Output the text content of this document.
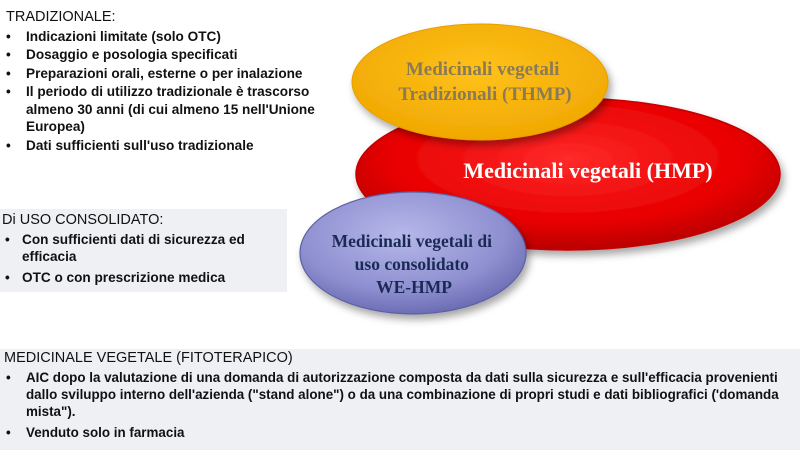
Medicinali vegetali Tradizionali (THMP)
Medicinali vegetali (HMP)
Medicinali vegetali di uso consolidato WE-HMP
TRADIZIONALE:
•	Indicazioni limitate (solo OTC)
•	Dosaggio e posologia specificati
•	Preparazioni orali, esterne o per inalazione
•	Il periodo di utilizzo tradizionale è trascorso almeno 30 anni (di cui almeno 15 nell'Unione Europea)
•	Dati sufficienti sull'uso tradizionale
Di USO CONSOLIDATO:
• Con sufficienti dati di sicurezza ed efficacia
• OTC o con prescrizione medica
MEDICINALE VEGETALE (FITOTERAPICO)
•	AIC dopo la valutazione di una domanda di autorizzazione composta da dati sulla sicurezza e sull'efficacia provenienti dallo sviluppo interno dell'azienda ("stand alone") o da una combinazione di propri studi e dati bibliografici ('domanda mista").
•	Venduto solo in farmacia
